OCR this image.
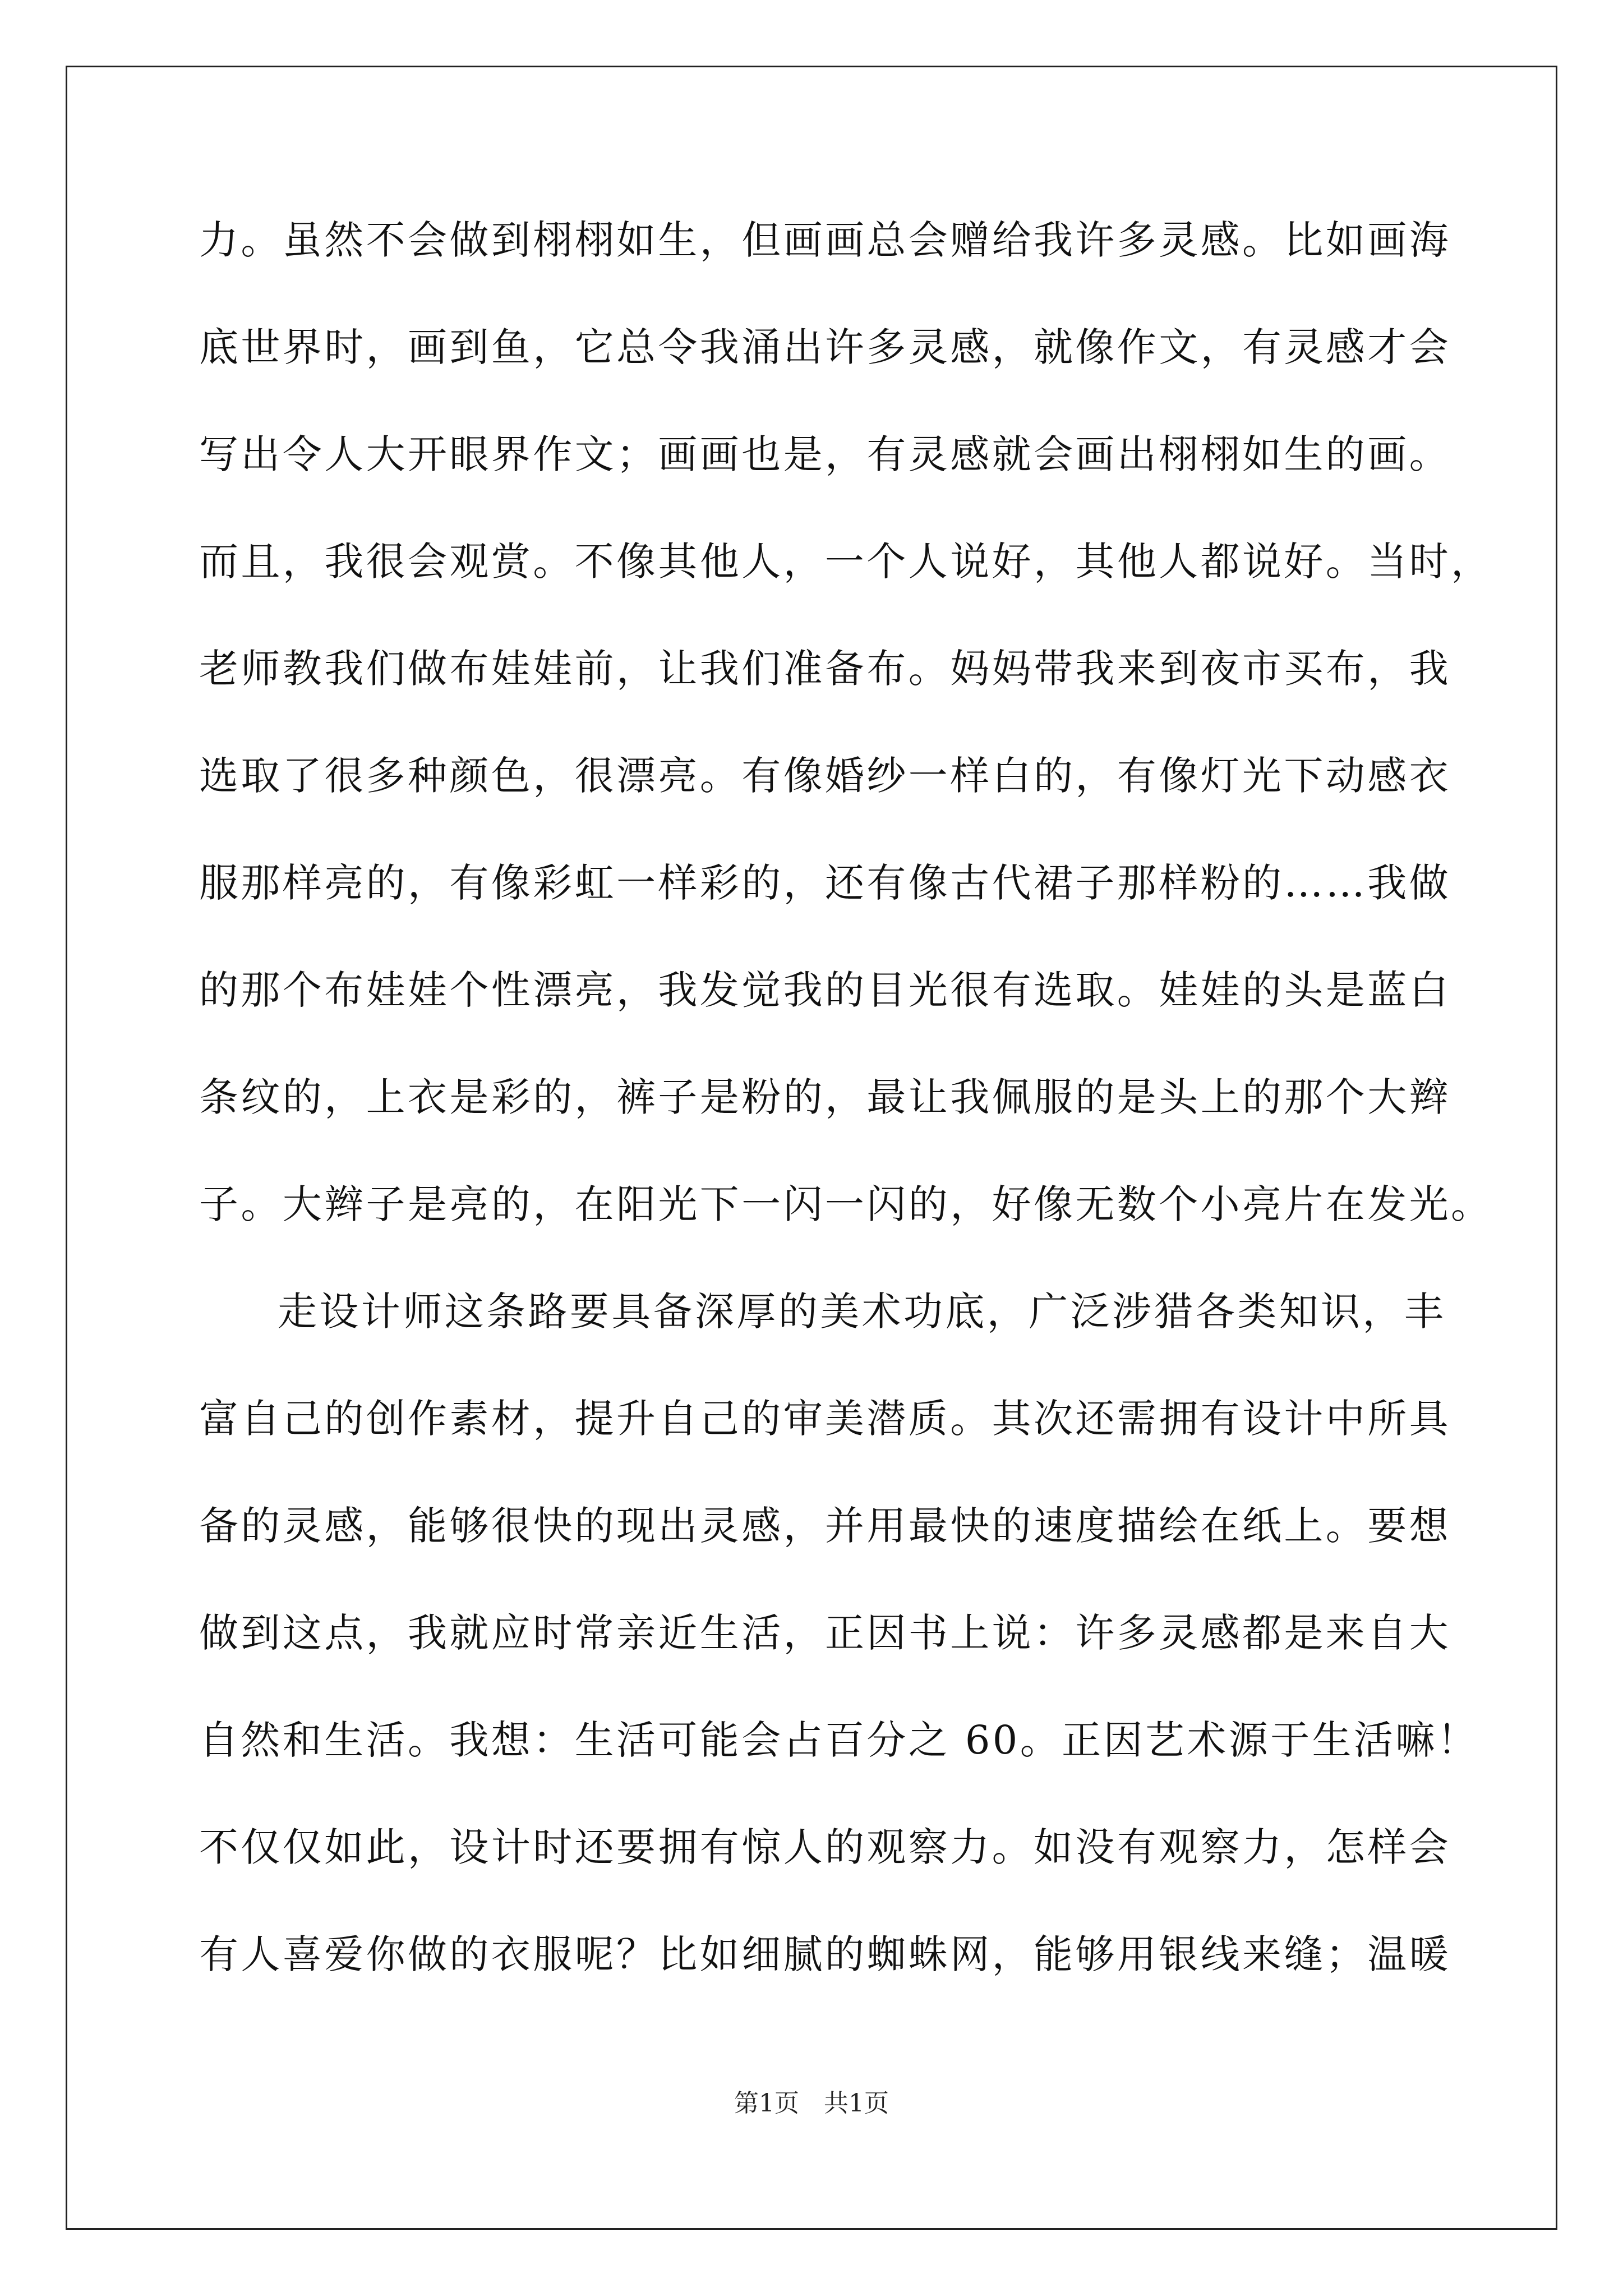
力。虽然不会做到栩栩如生，但画画总会赠给我许多灵感。比如画海
底世界时，画到鱼，它总令我涌出许多灵感，就像作文，有灵感才会
写出令人大开眼界作文；画画也是，有灵感就会画出栩栩如生的画。
而且，我很会观赏。不像其他人，一个人说好，其他人都说好。当时，
老师教我们做布娃娃前，让我们准备布。妈妈带我来到夜市买布，我
选取了很多种颜色，很漂亮。有像婚纱一样白的，有像灯光下动感衣
服那样亮的，有像彩虹一样彩的，还有像古代裙子那样粉的……我做
的那个布娃娃个性漂亮，我发觉我的目光很有选取。娃娃的头是蓝白
条纹的，上衣是彩的，裤子是粉的，最让我佩服的是头上的那个大辫
子。大辫子是亮的，在阳光下一闪一闪的，好像无数个小亮片在发光。
走设计师这条路要具备深厚的美术功底，广泛涉猎各类知识，丰
富自己的创作素材，提升自己的审美潜质。其次还需拥有设计中所具
备的灵感，能够很快的现出灵感，并用最快的速度描绘在纸上。要想
做到这点，我就应时常亲近生活，正因书上说：许多灵感都是来自大
自然和生活。我想：生活可能会占百分之 60。正因艺术源于生活嘛！
不仅仅如此，设计时还要拥有惊人的观察力。如没有观察力，怎样会
有人喜爱你做的衣服呢？比如细腻的蜘蛛网，能够用银线来缝；温暖
第1页　共1页
